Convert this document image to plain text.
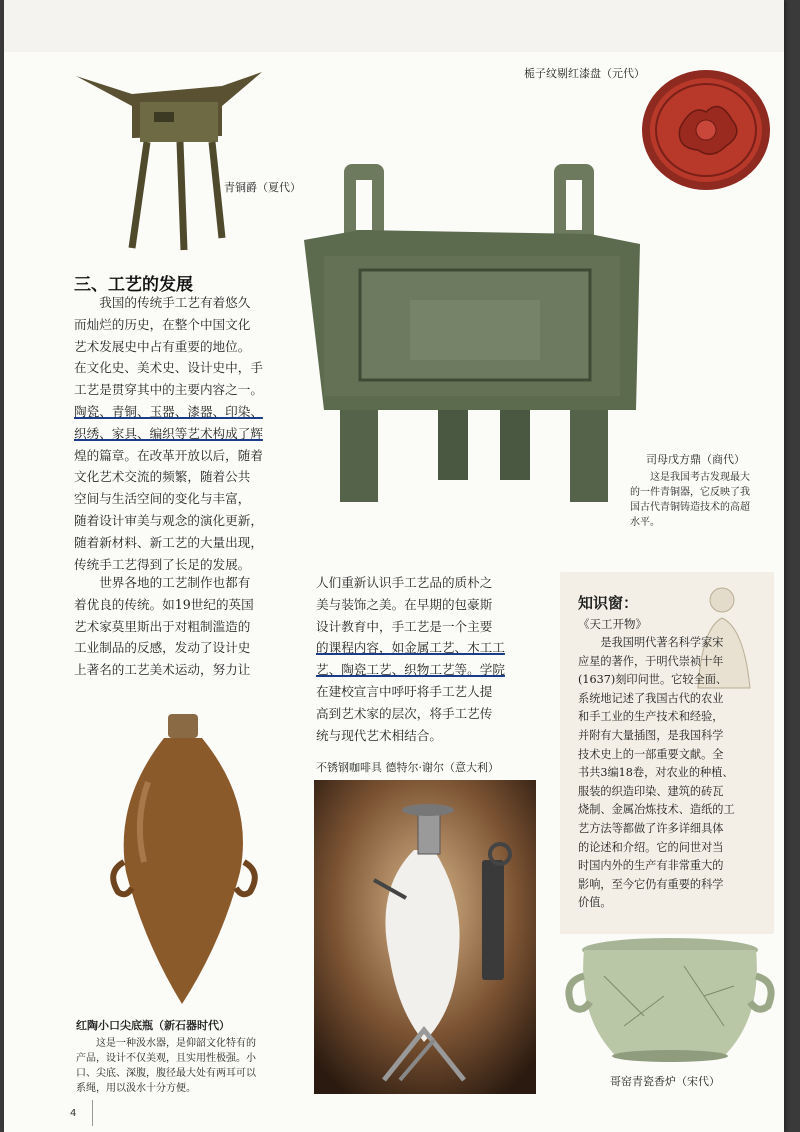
青铜爵（夏代）
栀子纹剔红漆盘（元代）
司母戊方鼎（商代）
这是我国考古发现最大
的一件青铜器，它反映了我
国古代青铜铸造技术的高超
水平。
三、工艺的发展
我国的传统手工艺有着悠久
而灿烂的历史，在整个中国文化
艺术发展史中占有重要的地位。
在文化史、美术史、设计史中，手
工艺是贯穿其中的主要内容之一。
陶瓷、青铜、玉器、漆器、印染、
织绣、家具、编织等艺术构成了辉
煌的篇章。在改革开放以后，随着
文化艺术交流的频繁，随着公共
空间与生活空间的变化与丰富，
随着设计审美与观念的演化更新，
随着新材料、新工艺的大量出现，
传统手工艺得到了长足的发展。
世界各地的工艺制作也都有
着优良的传统。如19世纪的英国
艺术家莫里斯出于对粗制滥造的
工业制品的反感，发动了设计史
上著名的工艺美术运动，努力让
人们重新认识手工艺品的质朴之
美与装饰之美。在早期的包豪斯
设计教育中，手工艺是一个主要
的课程内容，如金属工艺、木工工
艺、陶瓷工艺、织物工艺等。学院
在建校宣言中呼吁将手工艺人提
高到艺术家的层次，将手工艺传
统与现代艺术相结合。
知识窗：
《天工开物》
是我国明代著名科学家宋
应星的著作，于明代崇祯十年
(1637)刻印问世。它较全面、
系统地记述了我国古代的农业
和手工业的生产技术和经验，
并附有大量插图，是我国科学
技术史上的一部重要文献。全
书共3编18卷，对农业的种植、
服装的织造印染、建筑的砖瓦
烧制、金属冶炼技术、造纸的工
艺方法等都做了许多详细具体
的论述和介绍。它的问世对当
时国内外的生产有非常重大的
影响，至今它仍有重要的科学
价值。
红陶小口尖底瓶（新石器时代）
这是一种汲水器，是仰韶文化特有的
产品，设计不仅美观，且实用性极强。小
口、尖底、深腹，腹径最大处有两耳可以
系绳，用以汲水十分方便。
不锈钢咖啡具 德特尔·谢尔（意大利）
哥窑青瓷香炉（宋代）
4
